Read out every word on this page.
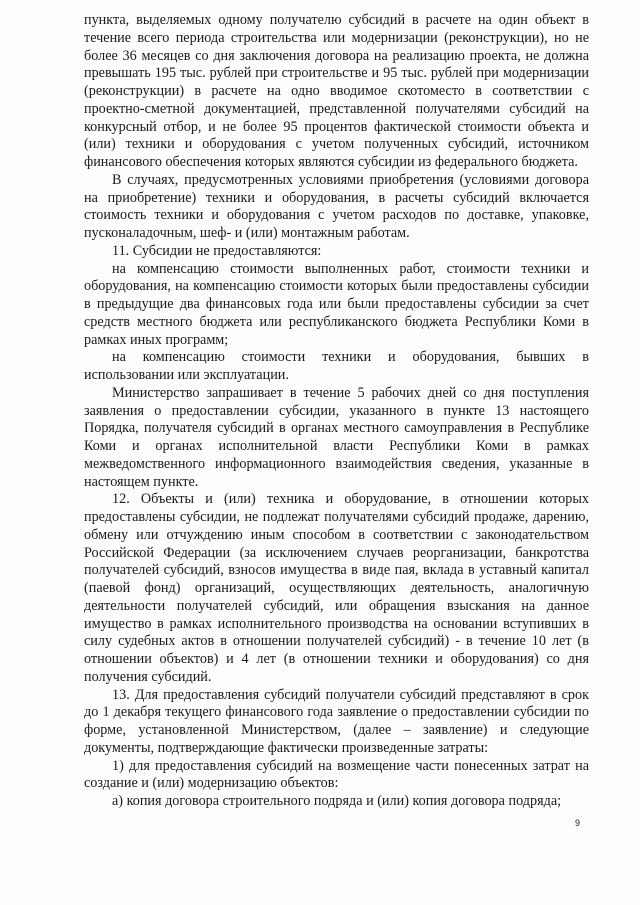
пункта, выделяемых одному получателю субсидий в расчете на один объект в течение всего периода строительства или модернизации (реконструкции), но не более 36 месяцев со дня заключения договора на реализацию проекта, не должна превышать 195 тыс. рублей при строительстве и 95 тыс. рублей при модернизации (реконструкции) в расчете на одно вводимое скотоместо в соответствии с проектно-сметной документацией, представленной получателями субсидий на конкурсный отбор, и не более 95 процентов фактической стоимости объекта и (или) техники и оборудования с учетом полученных субсидий, источником финансового обеспечения которых являются субсидии из федерального бюджета.

В случаях, предусмотренных условиями приобретения (условиями договора на приобретение) техники и оборудования, в расчеты субсидий включается стоимость техники и оборудования с учетом расходов по доставке, упаковке, пусконаладочным, шеф- и (или) монтажным работам.

11. Субсидии не предоставляются:

на компенсацию стоимости выполненных работ, стоимости техники и оборудования, на компенсацию стоимости которых были предоставлены субсидии в предыдущие два финансовых года или были предоставлены субсидии за счет средств местного бюджета или республиканского бюджета Республики Коми в рамках иных программ;

на компенсацию стоимости техники и оборудования, бывших в использовании или эксплуатации.

Министерство запрашивает в течение 5 рабочих дней со дня поступления заявления о предоставлении субсидии, указанного в пункте 13 настоящего Порядка, получателя субсидий в органах местного самоуправления в Республике Коми и органах исполнительной власти Республики Коми в рамках межведомственного информационного взаимодействия сведения, указанные в настоящем пункте.

12. Объекты и (или) техника и оборудование, в отношении которых предоставлены субсидии, не подлежат получателями субсидий продаже, дарению, обмену или отчуждению иным способом в соответствии с законодательством Российской Федерации (за исключением случаев реорганизации, банкротства получателей субсидий, взносов имущества в виде пая, вклада в уставный капитал (паевой фонд) организаций, осуществляющих деятельность, аналогичную деятельности получателей субсидий, или обращения взыскания на данное имущество в рамках исполнительного производства на основании вступивших в силу судебных актов в отношении получателей субсидий) - в течение 10 лет (в отношении объектов) и 4 лет (в отношении техники и оборудования) со дня получения субсидий.

13. Для предоставления субсидий получатели субсидий представляют в срок до 1 декабря текущего финансового года заявление о предоставлении субсидии по форме, установленной Министерством, (далее – заявление) и следующие документы, подтверждающие фактически произведенные затраты:

1) для предоставления субсидий на возмещение части понесенных затрат на создание и (или) модернизацию объектов:

а) копия договора строительного подряда и (или) копия договора подряда;

9
